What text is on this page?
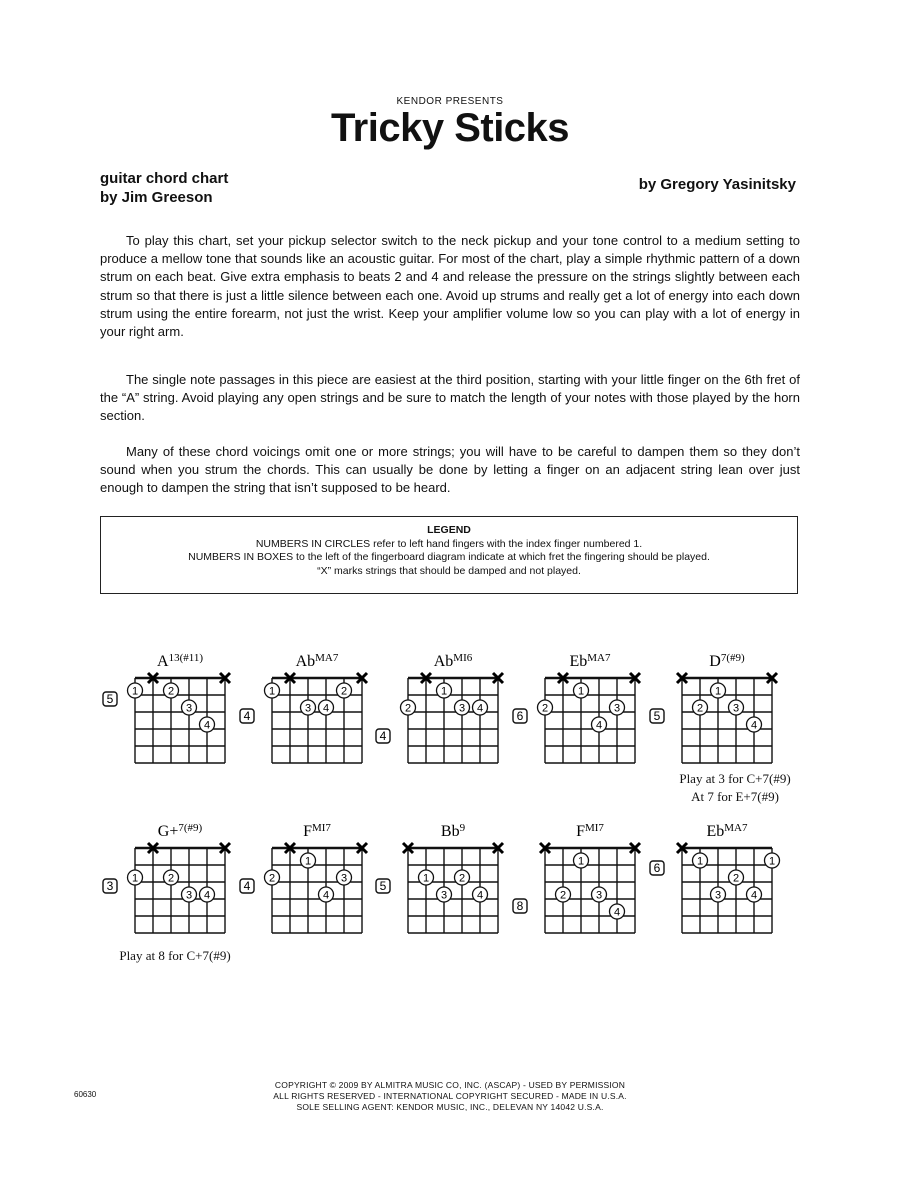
KENDOR PRESENTS
Tricky Sticks
guitar chord chart
by Jim Greeson
by Gregory Yasinitsky

To play this chart, set your pickup selector switch to the neck pickup and your tone control to a medium setting to produce a mellow tone that sounds like an acoustic guitar. For most of the chart, play a simple rhythmic pattern of a down strum on each beat. Give extra emphasis to beats 2 and 4 and release the pressure on the strings slightly between each strum so that there is just a little silence between each one. Avoid up strums and really get a lot of energy into each down strum using the entire forearm, not just the wrist. Keep your amplifier volume low so you can play with a lot of energy in your right arm.

The single note passages in this piece are easiest at the third position, starting with your little finger on the 6th fret of the “A” string. Avoid playing any open strings and be sure to match the length of your notes with those played by the horn section.

Many of these chord voicings omit one or more strings; you will have to be careful to dampen them so they don’t sound when you strum the chords. This can usually be done by letting a finger on an adjacent string lean over just enough to dampen the string that isn’t supposed to be heard.

LEGEND
NUMBERS IN CIRCLES refer to left hand fingers with the index finger numbered 1.
NUMBERS IN BOXES to the left of the fingerboard diagram indicate at which fret the fingering should be played.
“X” marks strings that should be damped and not played.
$A^{13(\#11)}$
5
1	2
3
4
$Ab^{MA7}$
4
1	2
3 4
$Ab^{MI6}$
4
1
2	3 4
$Eb^{MA7}$
6
1
2	3
4
$D^{7(\#9)}$
5
1
2	3
4
G+$^{7(\#9)}$
3
1	2
3 4
$F^{MI7}$
4
1
2	3
4
Bb$^9$
5
1	2
3	4
$F^{MI7}$
8
1
2	3
4
$Eb^{MA7}$
6	1	1
2
3	4
Play at 3 for C+7(#9)
At 7 for E+7(#9)
Play at 8 for C+7(#9)
COPYRIGHT © 2009 BY ALMITRA MUSIC CO, INC. (ASCAP) - USED BY PERMISSION
ALL RIGHTS RESERVED - INTERNATIONAL COPYRIGHT SECURED - MADE IN U.S.A.
SOLE SELLING AGENT: KENDOR MUSIC, INC., DELEVAN NY 14042 U.S.A.
60630
